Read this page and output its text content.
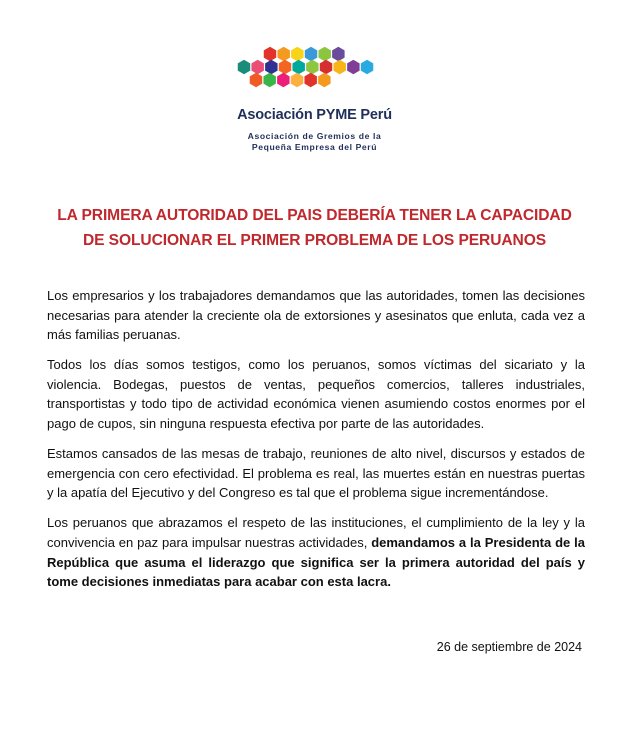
Asociación PYME Perú
Asociación de Gremios de la
Pequeña Empresa del Perú
LA PRIMERA AUTORIDAD DEL PAIS DEBERÍA TENER LA CAPACIDAD
DE SOLUCIONAR EL PRIMER PROBLEMA DE LOS PERUANOS

Los empresarios y los trabajadores demandamos que las autoridades, tomen las decisiones necesarias para atender la creciente ola de extorsiones y asesinatos que enluta, cada vez a más familias peruanas.

Todos los días somos testigos, como los peruanos, somos víctimas del sicariato y la violencia. Bodegas, puestos de ventas, pequeños comercios, talleres industriales, transportistas y todo tipo de actividad económica vienen asumiendo costos enormes por el pago de cupos, sin ninguna respuesta efectiva por parte de las autoridades.

Estamos cansados de las mesas de trabajo, reuniones de alto nivel, discursos y estados de emergencia con cero efectividad. El problema es real, las muertes están en nuestras puertas y la apatía del Ejecutivo y del Congreso es tal que el problema sigue incrementándose.

Los peruanos que abrazamos el respeto de las instituciones, el cumplimiento de la ley y la convivencia en paz para impulsar nuestras actividades, demandamos a la Presidenta de la República que asuma el liderazgo que significa ser la primera autoridad del país y tome decisiones inmediatas para acabar con esta lacra.

26 de septiembre de 2024
